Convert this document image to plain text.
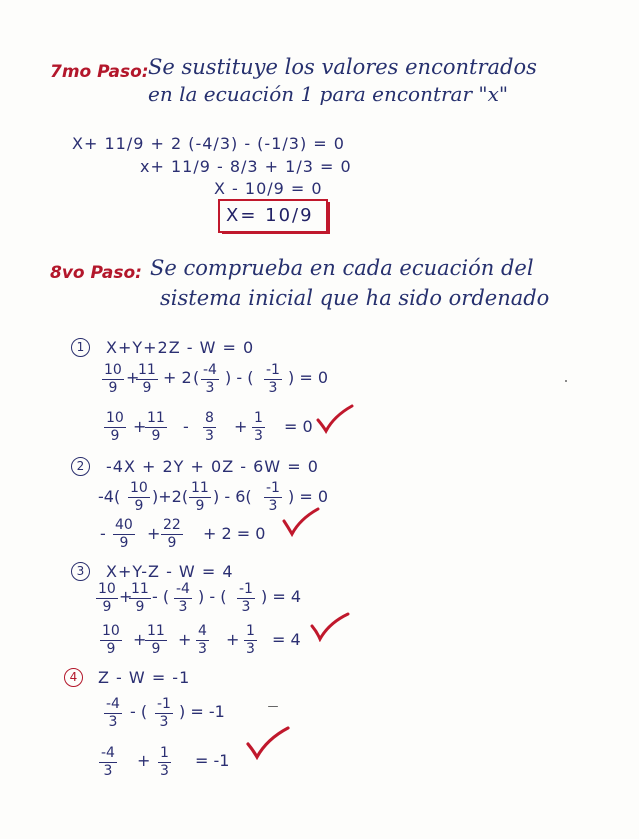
7mo Paso: Se sustituye los valores encontrados
en la ecuación 1 para encontrar "x"
X+ 11/9 + 2 (-4/3) - (-1/3) = 0
x+ 11/9 - 8/3 + 1/3 = 0
X - 10/9 = 0
X= 10/9
8vo Paso: Se comprueba en cada ecuación del
sistema inicial que ha sido ordenado
1	X+Y+2Z - W = 0
$\frac{10}{9}$ +
$\frac{11}{9} + 2$ ( $\frac{-4}{3}$ ) - ( $\frac{-1}{3}$ ) = 0
$\frac{10}{9}$ +
$\frac{11}{9} - \frac{8}{3} + \frac{1}{3} = 0$
2	-4X + 2Y + 0Z - 6W = 0
$-4( \frac{10}{9} )+2( \frac{11}{9}$ ) - $6( \frac{-1}{3}$ ) = 0
- $\frac{40}{9} + \frac{22}{9} + 2 = 0$
3	X+Y-Z - W = 4
$\frac{10}{9}$ +
$\frac{11}{9}$ - ( $\frac{-4}{3}$ ) - ( $\frac{-1}{3}$ ) = 4
$\frac{10}{9}$ +
$\frac{11}{9} + \frac{4}{3} + \frac{1}{3} = 4$
4	Z - W = -1
$\frac{-4}{3}$ - ( $\frac{-1}{3}$ ) = -1
$\frac{-4}{3} + \frac{1}{3} = -1$
